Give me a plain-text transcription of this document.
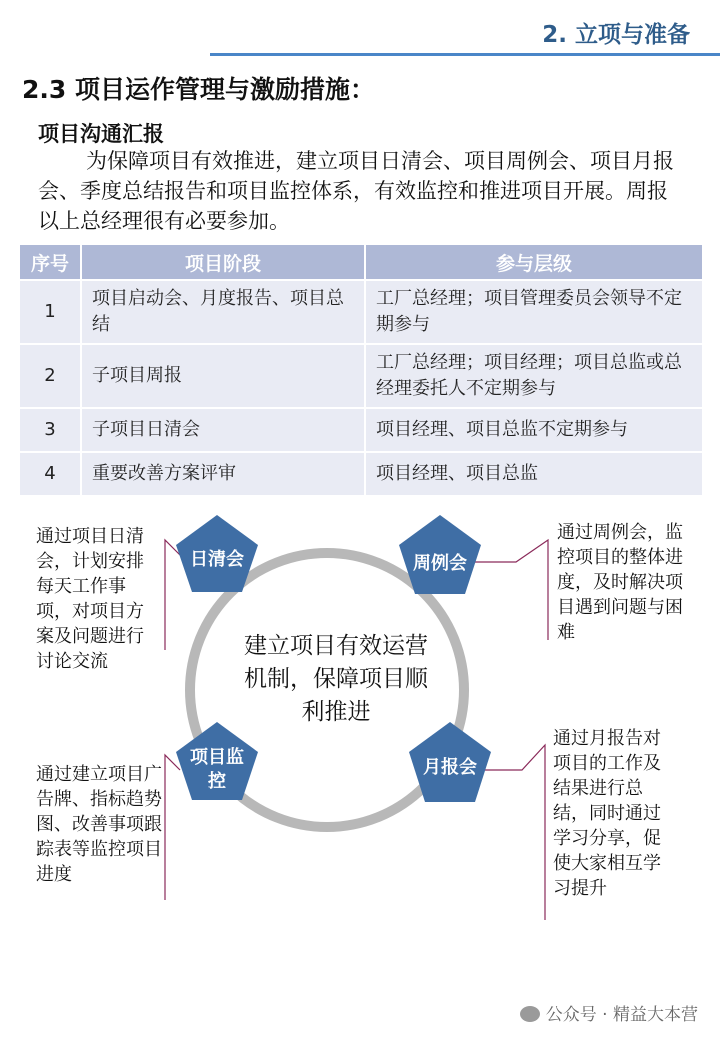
2. 立项与准备
2.3 项目运作管理与激励措施：
项目沟通汇报
为保障项目有效推进，建立项目日清会、项目周例会、项目月报会、季度总结报告和项目监控体系，有效监控和推进项目开展。周报以上总经理很有必要参加。
序号	项目阶段	参与层级
1	项目启动会、月度报告、项目总结	工厂总经理；项目管理委员会领导不定期参与
2	子项目周报	工厂总经理；项目经理；项目总监或总经理委托人不定期参与
3	子项目日清会	项目经理、项目总监不定期参与
4	重要改善方案评审	项目经理、项目总监
日清会	周例会
项目监控
月报会
建立项目有效运营机制，保障项目顺利推进
通过项目日清会，计划安排每天工作事项，对项目方案及问题进行讨论交流
通过周例会，监控项目的整体进度，及时解决项目遇到问题与困难
通过建立项目广告牌、指标趋势图、改善事项跟踪表等监控项目进度
通过月报告对项目的工作及结果进行总结，同时通过学习分享，促使大家相互学习提升
公众号 · 精益大本营
